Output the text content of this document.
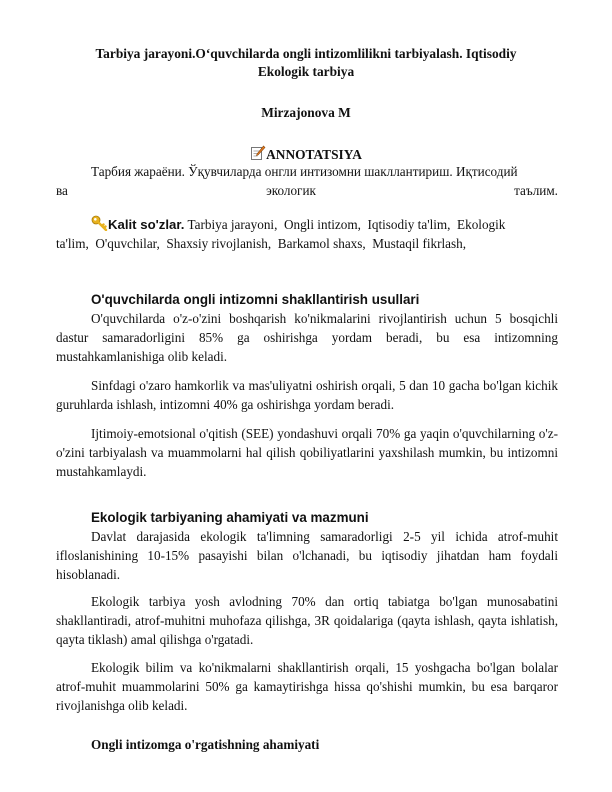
Tarbiya jarayoni.O‘quvchilarda ongli intizomlilikni tarbiyalash. Iqtisodiy
Ekologik tarbiya
Mirzajonova M
ANNOTATSIYA
Тарбия жараёни. Ўқувчиларда онгли интизомни шакллантириш. Иқтисодий
ва	экологик	таълим.
Kalit so'zlar. Tarbiya jarayoni,  Ongli intizom,  Iqtisodiy ta'lim,  Ekologik
ta'lim,  O'quvchilar,  Shaxsiy rivojlanish,  Barkamol shaxs,  Mustaqil fikrlash,
O'quvchilarda ongli intizomni shakllantirish usullari
O'quvchilarda o'z-o'zini boshqarish ko'nikmalarini rivojlantirish uchun 5 bosqichli dastur samaradorligini 85% ga oshirishga yordam beradi, bu esa intizomning mustahkamlanishiga olib keladi.
Sinfdagi o'zaro hamkorlik va mas'uliyatni oshirish orqali, 5 dan 10 gacha bo'lgan kichik guruhlarda ishlash, intizomni 40% ga oshirishga yordam beradi.
Ijtimoiy-emotsional o'qitish (SEE) yondashuvi orqali 70% ga yaqin o'quvchilarning o'z-o'zini tarbiyalash va muammolarni hal qilish qobiliyatlarini yaxshilash mumkin, bu intizomni mustahkamlaydi.
Ekologik tarbiyaning ahamiyati va mazmuni
Davlat darajasida ekologik ta'limning samaradorligi 2-5 yil ichida atrof-muhit ifloslanishining 10-15% pasayishi bilan o'lchanadi, bu iqtisodiy jihatdan ham foydali hisoblanadi.
Ekologik tarbiya yosh avlodning 70% dan ortiq tabiatga bo'lgan munosabatini shakllantiradi, atrof-muhitni muhofaza qilishga, 3R qoidalariga (qayta ishlash, qayta ishlatish, qayta tiklash) amal qilishga o'rgatadi.
Ekologik bilim va ko'nikmalarni shakllantirish orqali, 15 yoshgacha bo'lgan bolalar atrof-muhit muammolarini 50% ga kamaytirishga hissa qo'shishi mumkin, bu esa barqaror rivojlanishga olib keladi.
Ongli intizomga o'rgatishning ahamiyati
